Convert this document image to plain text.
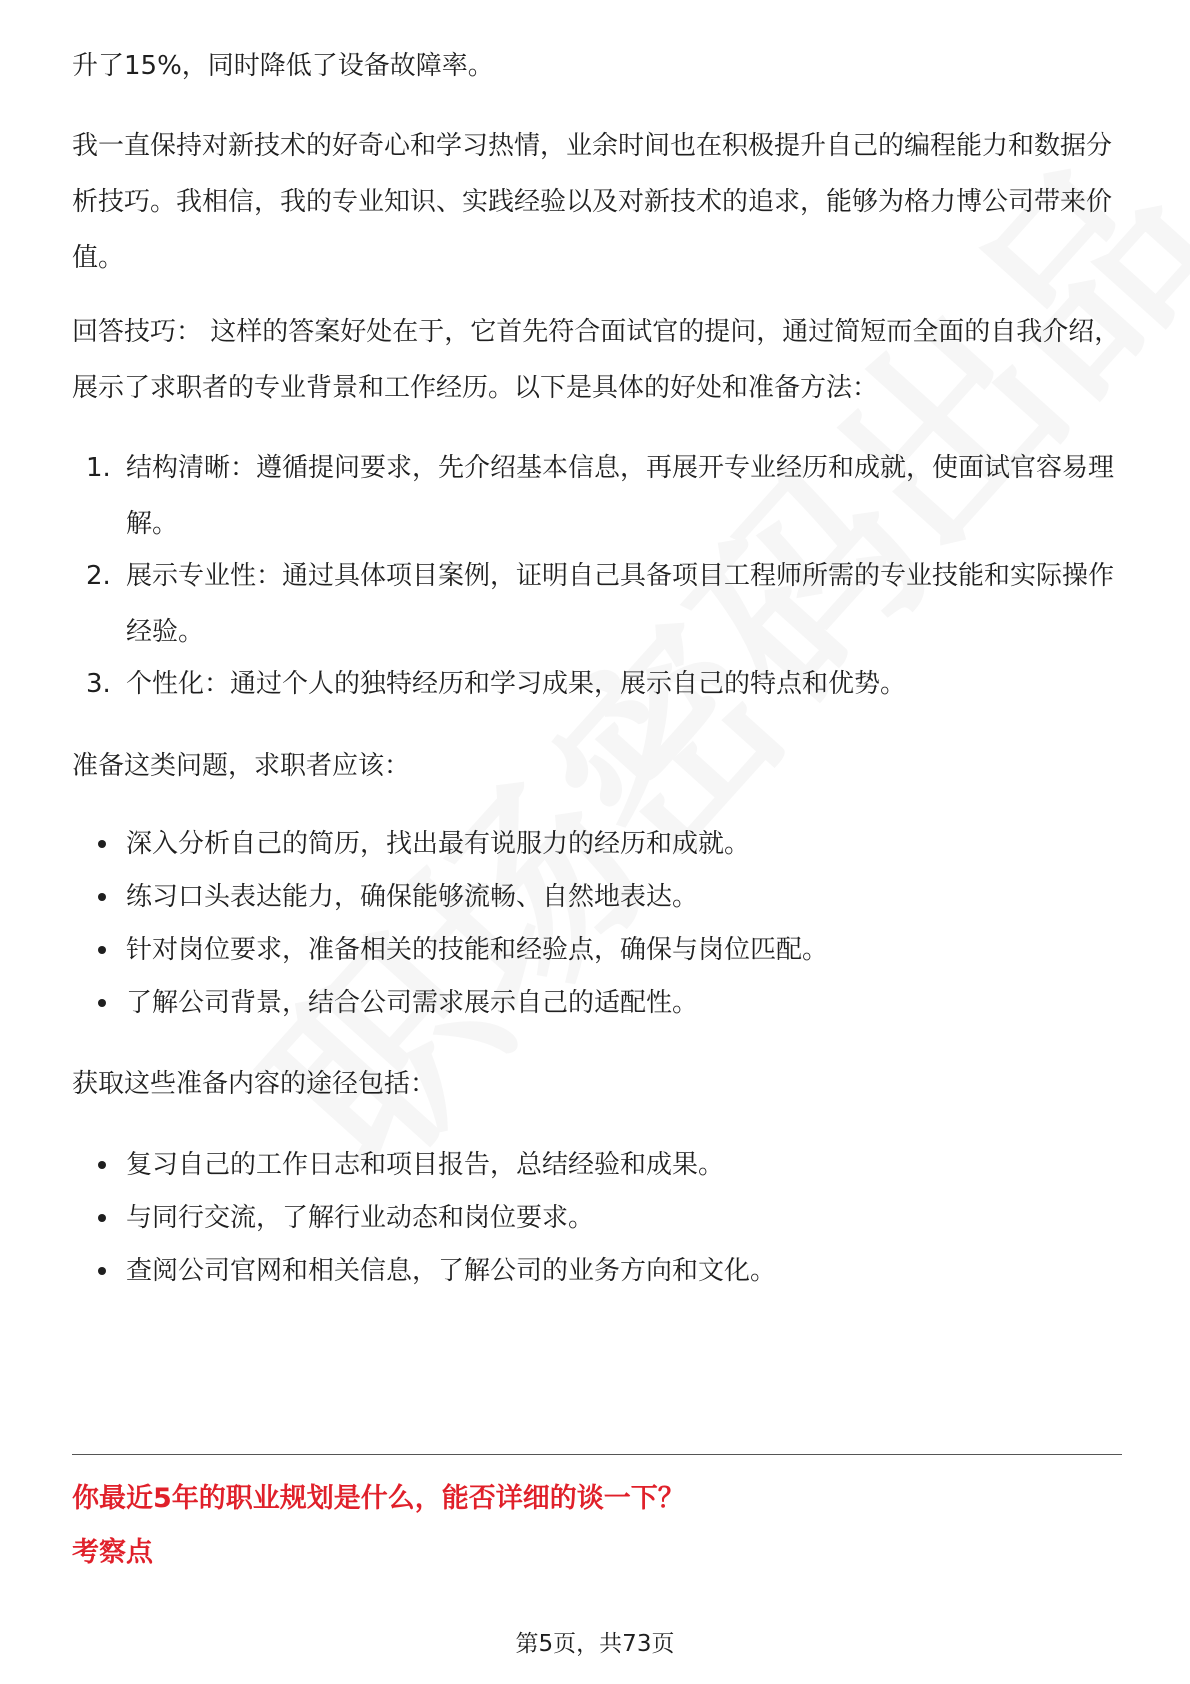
升了15%，同时降低了设备故障率。

我一直保持对新技术的好奇心和学习热情，业余时间也在积极提升自己的编程能力和数据分析技巧。我相信，我的专业知识、实践经验以及对新技术的追求，能够为格力博公司带来价值。

回答技巧： 这样的答案好处在于，它首先符合面试官的提问，通过简短而全面的自我介绍，展示了求职者的专业背景和工作经历。以下是具体的好处和准备方法：

1. 结构清晰：遵循提问要求，先介绍基本信息，再展开专业经历和成就，使面试官容易理解。
2. 展示专业性：通过具体项目案例，证明自己具备项目工程师所需的专业技能和实际操作经验。
3. 个性化：通过个人的独特经历和学习成果，展示自己的特点和优势。

准备这类问题，求职者应该：

深入分析自己的简历，找出最有说服力的经历和成就。
练习口头表达能力，确保能够流畅、自然地表达。
针对岗位要求，准备相关的技能和经验点，确保与岗位匹配。
了解公司背景，结合公司需求展示自己的适配性。

获取这些准备内容的途径包括：

复习自己的工作日志和项目报告，总结经验和成果。
与同行交流，了解行业动态和岗位要求。
查阅公司官网和相关信息，了解公司的业务方向和文化。

你最近5年的职业规划是什么，能否详细的谈一下？

考察点

第5页，共73页
